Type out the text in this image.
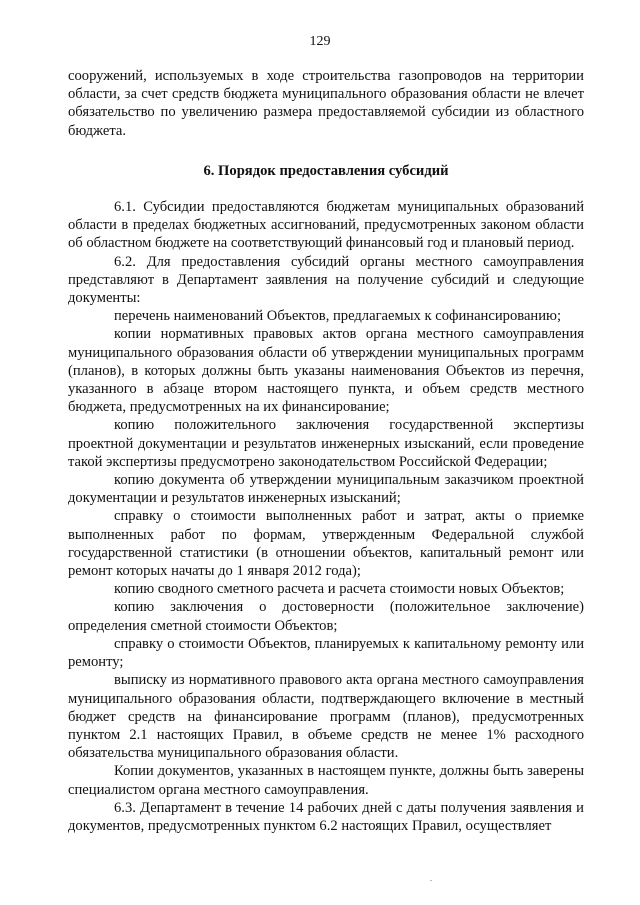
129

сооружений, используемых в ходе строительства газопроводов на территории области, за счет средств бюджета муниципального образования области не влечет обязательство по увеличению размера предоставляемой субсидии из областного бюджета.

6. Порядок предоставления субсидий

6.1. Субсидии предоставляются бюджетам муниципальных образований области в пределах бюджетных ассигнований, предусмотренных законом области об областном бюджете на соответствующий финансовый год и плановый период.

6.2. Для предоставления субсидий органы местного самоуправления представляют в Департамент заявления на получение субсидий и следующие документы:

перечень наименований Объектов, предлагаемых к софинансированию;

копии нормативных правовых актов органа местного самоуправления муниципального образования области об утверждении муниципальных программ (планов), в которых должны быть указаны наименования Объектов из перечня, указанного в абзаце втором настоящего пункта, и объем средств местного бюджета, предусмотренных на их финансирование;

копию положительного заключения государственной экспертизы проектной документации и результатов инженерных изысканий, если проведение такой экспертизы предусмотрено законодательством Российской Федерации;

копию документа об утверждении муниципальным заказчиком проектной документации и результатов инженерных изысканий;

справку о стоимости выполненных работ и затрат, акты о приемке выполненных работ по формам, утвержденным Федеральной службой государственной статистики (в отношении объектов, капитальный ремонт или ремонт которых начаты до 1 января 2012 года);

копию сводного сметного расчета и расчета стоимости новых Объектов;

копию заключения о достоверности (положительное заключение) определения сметной стоимости Объектов;

справку о стоимости Объектов, планируемых к капитальному ремонту или ремонту;

выписку из нормативного правового акта органа местного самоуправления муниципального образования области, подтверждающего включение в местный бюджет средств на финансирование программ (планов), предусмотренных пунктом 2.1 настоящих Правил, в объеме средств не менее 1% расходного обязательства муниципального образования области.

Копии документов, указанных в настоящем пункте, должны быть заверены специалистом органа местного самоуправления.

6.3. Департамент в течение 14 рабочих дней с даты получения заявления и документов, предусмотренных пунктом 6.2 настоящих Правил, осуществляет
